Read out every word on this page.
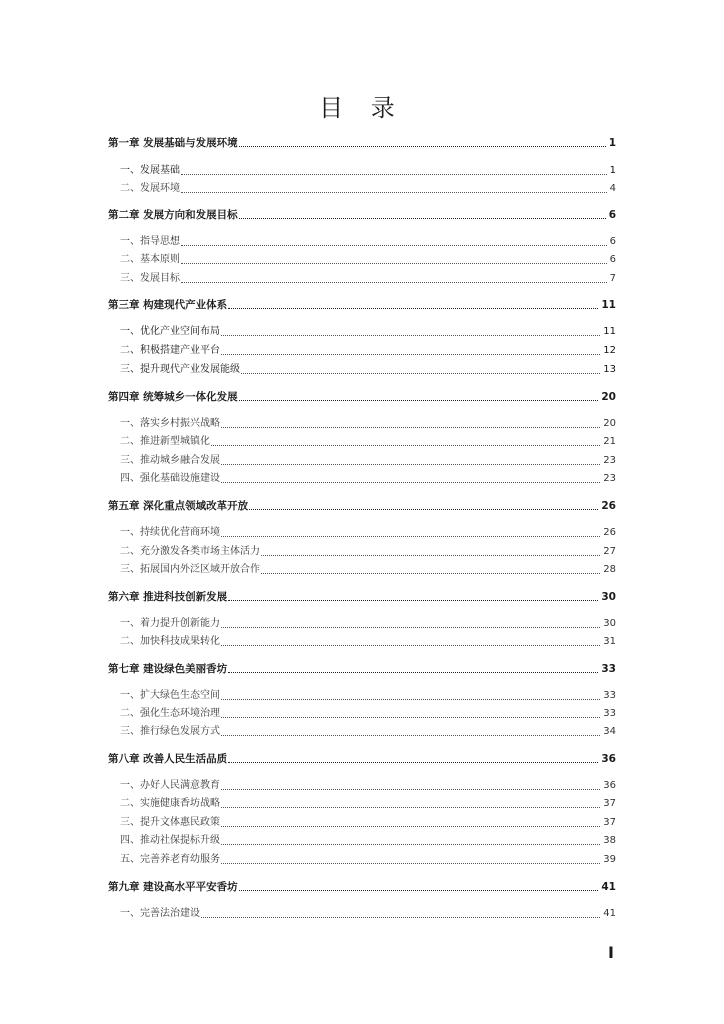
目 录
第一章 发展基础与发展环境	1
一、发展基础	1
二、发展环境	4
第二章 发展方向和发展目标	6
一、指导思想	6
二、基本原则	6
三、发展目标	7
第三章 构建现代产业体系	11
一、优化产业空间布局	11
二、积极搭建产业平台	12
三、提升现代产业发展能级	13
第四章 统筹城乡一体化发展	20
一、落实乡村振兴战略	20
二、推进新型城镇化	21
三、推动城乡融合发展	23
四、强化基础设施建设	23
第五章 深化重点领域改革开放	26
一、持续优化营商环境	26
二、充分激发各类市场主体活力	27
三、拓展国内外泛区域开放合作	28
第六章 推进科技创新发展	30
一、着力提升创新能力	30
二、加快科技成果转化	31
第七章 建设绿色美丽香坊	33
一、扩大绿色生态空间	33
二、强化生态环境治理	33
三、推行绿色发展方式	34
第八章 改善人民生活品质	36
一、办好人民满意教育	36
二、实施健康香坊战略	37
三、提升文体惠民政策	37
四、推动社保提标升级	38
五、完善养老育幼服务	39
第九章 建设高水平平安香坊	41
一、完善法治建设	41
I
